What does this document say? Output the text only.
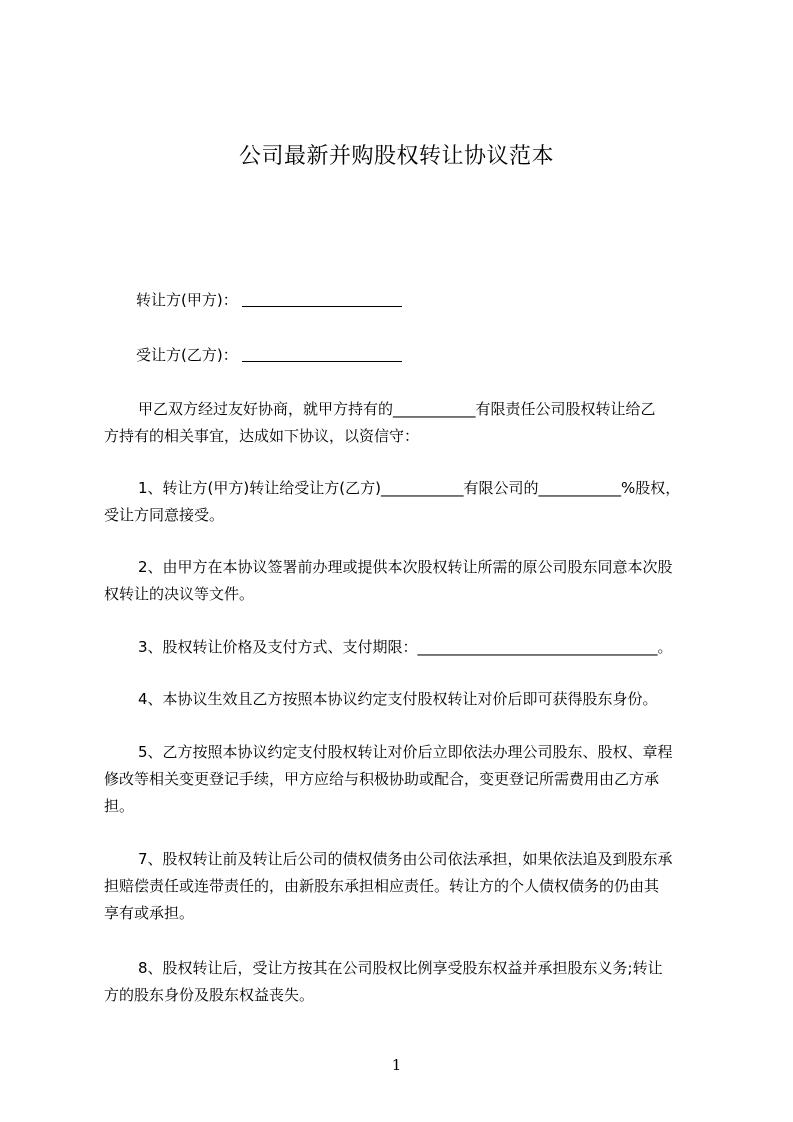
公司最新并购股权转让协议范本
转让方(甲方)：
受让方(乙方)：

甲乙双方经过友好协商，就甲方持有的___________有限责任公司股权转让给乙

方持有的相关事宜，达成如下协议，以资信守：

1、转让方(甲方)转让给受让方(乙方)___________有限公司的___________%股权，

受让方同意接受。

2、由甲方在本协议签署前办理或提供本次股权转让所需的原公司股东同意本次股

权转让的决议等文件。

3、股权转让价格及支付方式、支付期限：________________________________。

4、本协议生效且乙方按照本协议约定支付股权转让对价后即可获得股东身份。

5、乙方按照本协议约定支付股权转让对价后立即依法办理公司股东、股权、章程

修改等相关变更登记手续，甲方应给与积极协助或配合，变更登记所需费用由乙方承

担。

7、股权转让前及转让后公司的债权债务由公司依法承担，如果依法追及到股东承

担赔偿责任或连带责任的，由新股东承担相应责任。转让方的个人债权债务的仍由其

享有或承担。

8、股权转让后，受让方按其在公司股权比例享受股东权益并承担股东义务;转让

方的股东身份及股东权益丧失。

1
